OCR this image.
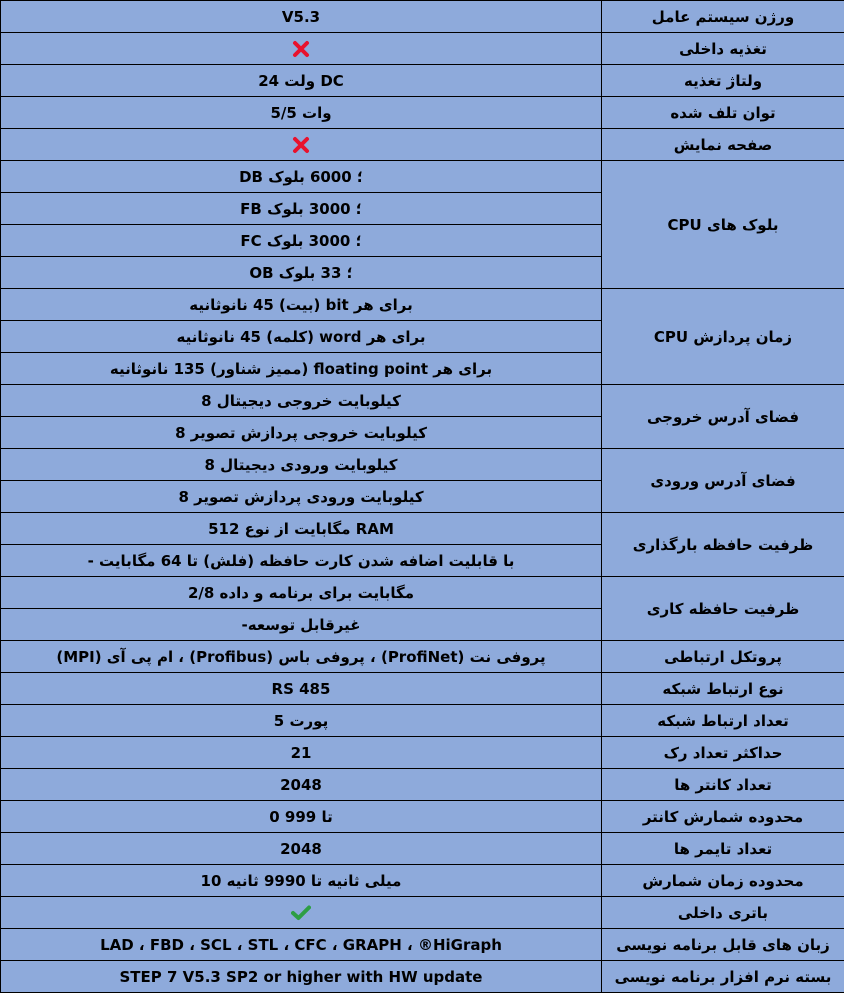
ورژن سیستم عامل	V5.3
تغذیه داخلی	
ولتاژ تغذیه	DC ولت 24
توان تلف شده	وات 5/5
صفحه نمایش	
بلوک های CPU	؛ 6000 بلوک DB
	؛ 3000 بلوک FB
	؛ 3000 بلوک FC
	؛ 33 بلوک OB
زمان پردازش CPU	برای هر bit (بیت) 45 نانوثانیه
	برای هر word (کلمه) 45 نانوثانیه
	برای هر floating point (ممیز شناور) 135 نانوثانیه
فضای آدرس خروجی	کیلوبایت خروجی دیجیتال 8
	کیلوبایت خروجی پردازش تصویر 8
فضای آدرس ورودی	کیلوبایت ورودی دیجیتال 8
	کیلوبایت ورودی پردازش تصویر 8
ظرفیت حافظه بارگذاری	RAM مگابایت از نوع 512
	با قابلیت اضافه شدن کارت حافظه (فلش) تا 64 مگابایت -
ظرفیت حافظه کاری	مگابایت برای برنامه و داده 2/8
	غیرقابل توسعه-
پروتکل ارتباطی	پروفی نت (ProfiNet) ، پروفی باس (Profibus) ، ام پی آی (MPI)
نوع ارتباط شبکه	RS 485
تعداد ارتباط شبکه	پورت 5
حداکثر تعداد رک	21
تعداد کانتر ها	2048
محدوده شمارش کانتر	تا 999 0
تعداد تایمر ها	2048
محدوده زمان شمارش	میلی ثانیه تا 9990 ثانیه 10
باتری داخلی	
زبان های قابل برنامه نویسی	LAD ، FBD ، SCL ، STL ، CFC ، GRAPH ، ®HiGraph
بسته نرم افزار برنامه نویسی	STEP 7 V5.3 SP2 or higher with HW update
